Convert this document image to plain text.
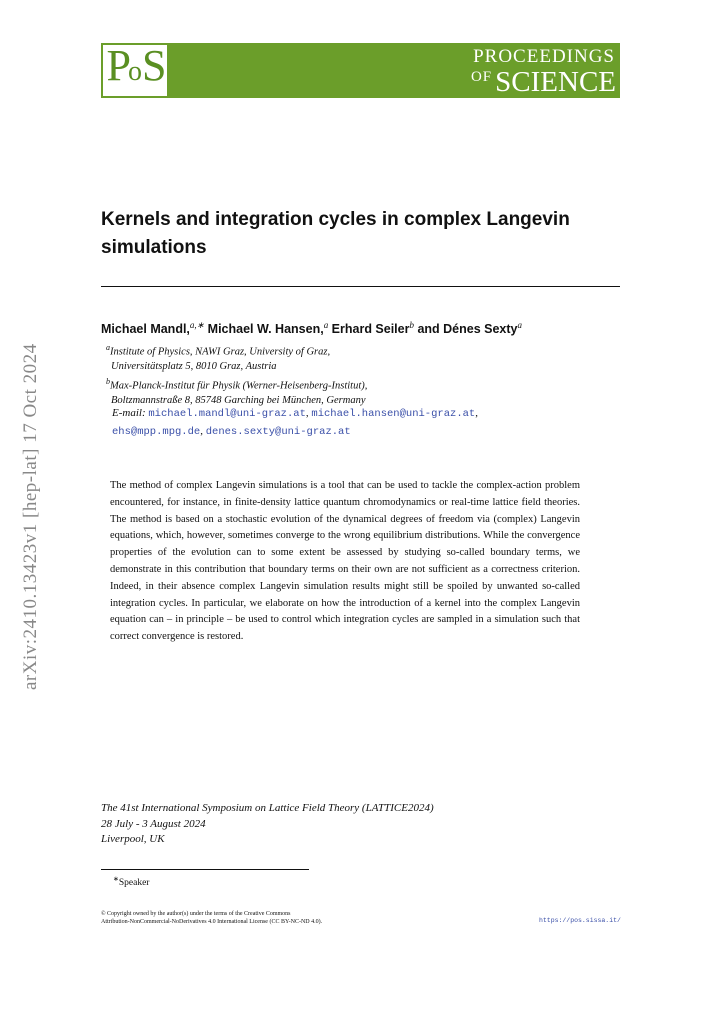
PoS	PROCEEDINGS
$^{OF}$ SCIENCE
arXiv:2410.13423v1 [hep-lat] 17 Oct 2024
Kernels and integration cycles in complex Langevin
simulations
Michael Mandl,$^{a,∗}$ Michael W. Hansen,$^a$ Erhard Seiler$^b$ and Dénes Sexty$^a$
$^a$Institute of Physics, NAWI Graz, University of Graz,
Universitätsplatz 5, 8010 Graz, Austria
$^b$Max-Planck-Institut für Physik (Werner-Heisenberg-Institut),
Boltzmannstraße 8, 85748 Garching bei München, Germany
E-mail: michael.mandl@uni-graz.at, michael.hansen@uni-graz.at,
ehs@mpp.mpg.de, denes.sexty@uni-graz.at
The method of complex Langevin simulations is a tool that can be used to tackle the complex-action problem encountered, for instance, in finite-density lattice quantum chromodynamics or real-time lattice field theories. The method is based on a stochastic evolution of the dynamical degrees of freedom via (complex) Langevin equations, which, however, sometimes converge to the wrong equilibrium distributions. While the convergence properties of the evolution can to some extent be assessed by studying so-called boundary terms, we demonstrate in this contribution that boundary terms on their own are not sufficient as a correctness criterion. Indeed, in their absence complex Langevin simulation results might still be spoiled by unwanted so-called integration cycles. In particular, we elaborate on how the introduction of a kernel into the complex Langevin equation can – in principle – be used to control which integration cycles are sampled in a simulation such that correct convergence is restored.
The 41st International Symposium on Lattice Field Theory (LATTICE2024)
28 July - 3 August 2024
Liverpool, UK
∗Speaker
© Copyright owned by the author(s) under the terms of the Creative Commons
Attribution-NonCommercial-NoDerivatives 4.0 International License (CC BY-NC-ND 4.0).	https://pos.sissa.it/
